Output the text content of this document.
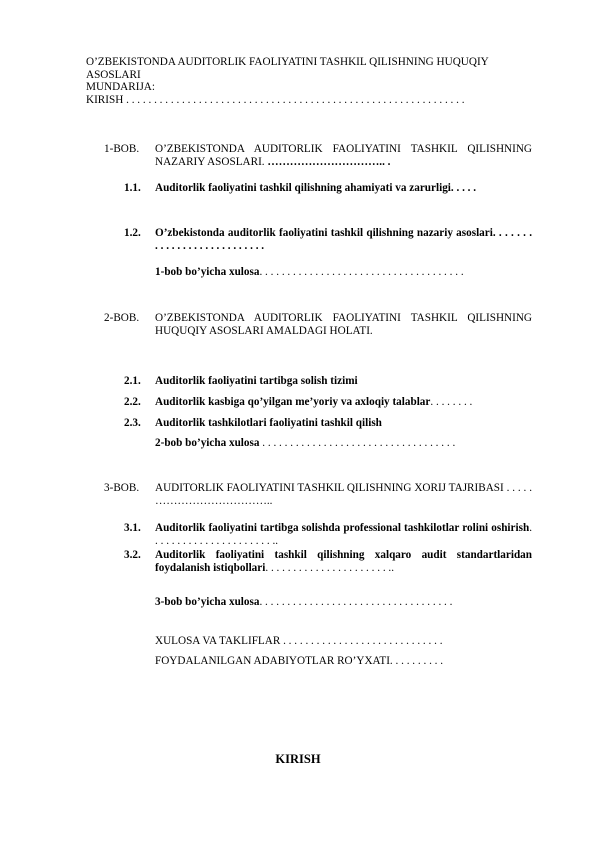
O’ZBEKISTONDA AUDITORLIK FAOLIYATINI TASHKIL QILISHNING HUQUQIY ASOSLARI
MUNDARIJA:
KIRISH . . . . . . . . . . . . . . . . . . . . . . . . . . . . . . . . . . . . . . . . . . . . . . . . . . . . . . . . . . . . .
1-BOB. O’ZBEKISTONDA AUDITORLIK FAOLIYATINI TASHKIL QILISHNING NAZARIY ASOSLARI. ………………………….. .
1.1. Auditorlik faoliyatini tashkil qilishning ahamiyati va zarurligi. . . . .
1.2. O’zbekistonda auditorlik faoliyatini tashkil qilishning nazariy asoslari. . . . . . . . . . . . . . . . . . . . . . . . . . .
1-bob bo’yicha xulosa. . . . . . . . . . . . . . . . . . . . . . . . . . . . . . . . . . . . .
2-BOB. O’ZBEKISTONDA AUDITORLIK FAOLIYATINI TASHKIL QILISHNING HUQUQIY ASOSLARI AMALDAGI HOLATI.
2.1. Auditorlik faoliyatini tartibga solish tizimi
2.2. Auditorlik kasbiga qo’yilgan me’yoriy va axloqiy talablar. . . . . . . .
2.3. Auditorlik tashkilotlari faoliyatini tashkil qilish
2-bob bo’yicha xulosa . . . . . . . . . . . . . . . . . . . . . . . . . . . . . . . . . . .
3-BOB. AUDITORLIK FAOLIYATINI TASHKIL QILISHNING XORIJ TAJRIBASI . . . . . …………………………..
3.1. Auditorlik faoliyatini tartibga solishda professional tashkilotlar rolini oshirish. . . . . . . . . . . . . . . . . . . . . . ..
3.2. Auditorlik faoliyatini tashkil qilishning xalqaro audit standartlaridan foydalanish istiqbollari. . . . . . . . . . . . . . . . . . . . . . ..
3-bob bo’yicha xulosa. . . . . . . . . . . . . . . . . . . . . . . . . . . . . . . . . . .
XULOSA VA TAKLIFLAR . . . . . . . . . . . . . . . . . . . . . . . . . . . . .
FOYDALANILGAN ADABIYOTLAR RO’YXATI. . . . . . . . . .
KIRISH
